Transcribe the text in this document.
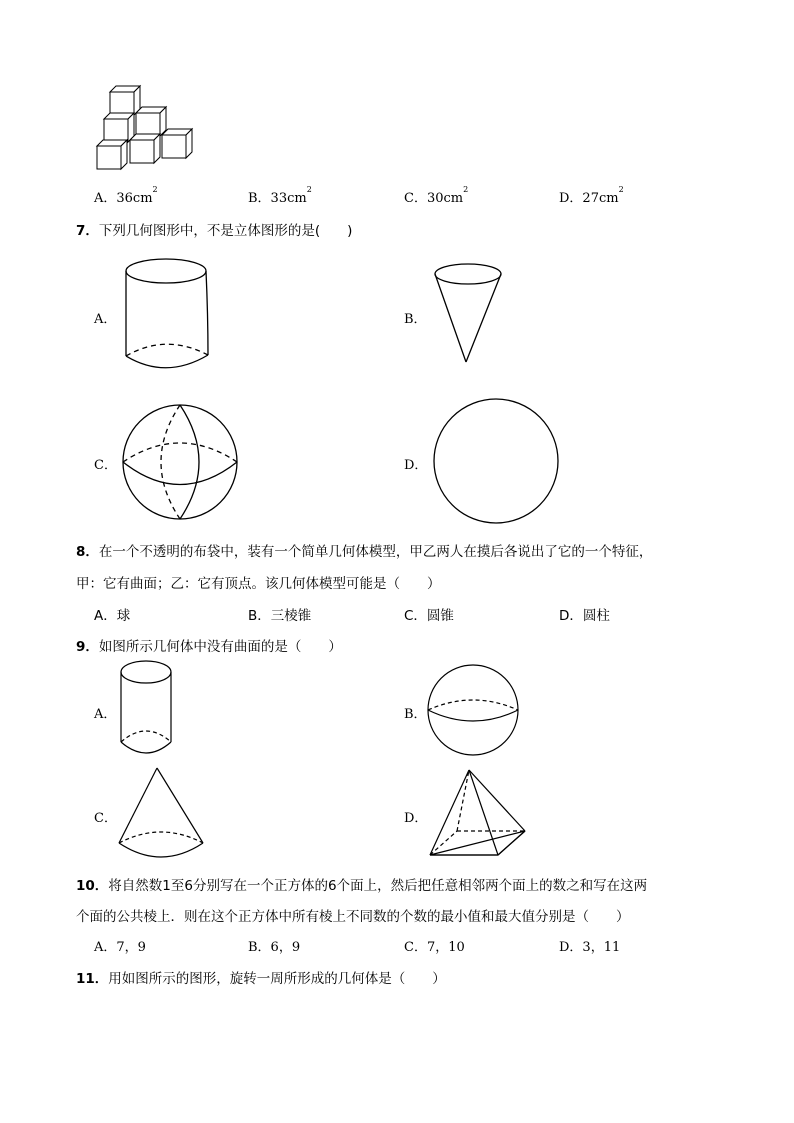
A．$36cm^2$
B．$33cm^2$
C．$30cm^2$
D．$27cm^2$
7．下列几何图形中，不是立体图形的是(　　)
A．	B．
C．	D．
8．在一个不透明的布袋中，装有一个简单几何体模型，甲乙两人在摸后各说出了它的一个特征，
甲：它有曲面；乙：它有顶点。该几何体模型可能是（　　）
A．球	B．三棱锥	C．圆锥	D．圆柱
9．如图所示几何体中没有曲面的是（　　）
A．	B．
C．	D．
10．将自然数1至6分别写在一个正方体的6个面上，然后把任意相邻两个面上的数之和写在这两
个面的公共棱上．则在这个正方体中所有棱上不同数的个数的最小值和最大值分别是（　　）
A．7，9	B．6，9	C．7，10	D．3，11
11．用如图所示的图形，旋转一周所形成的几何体是（　　）
